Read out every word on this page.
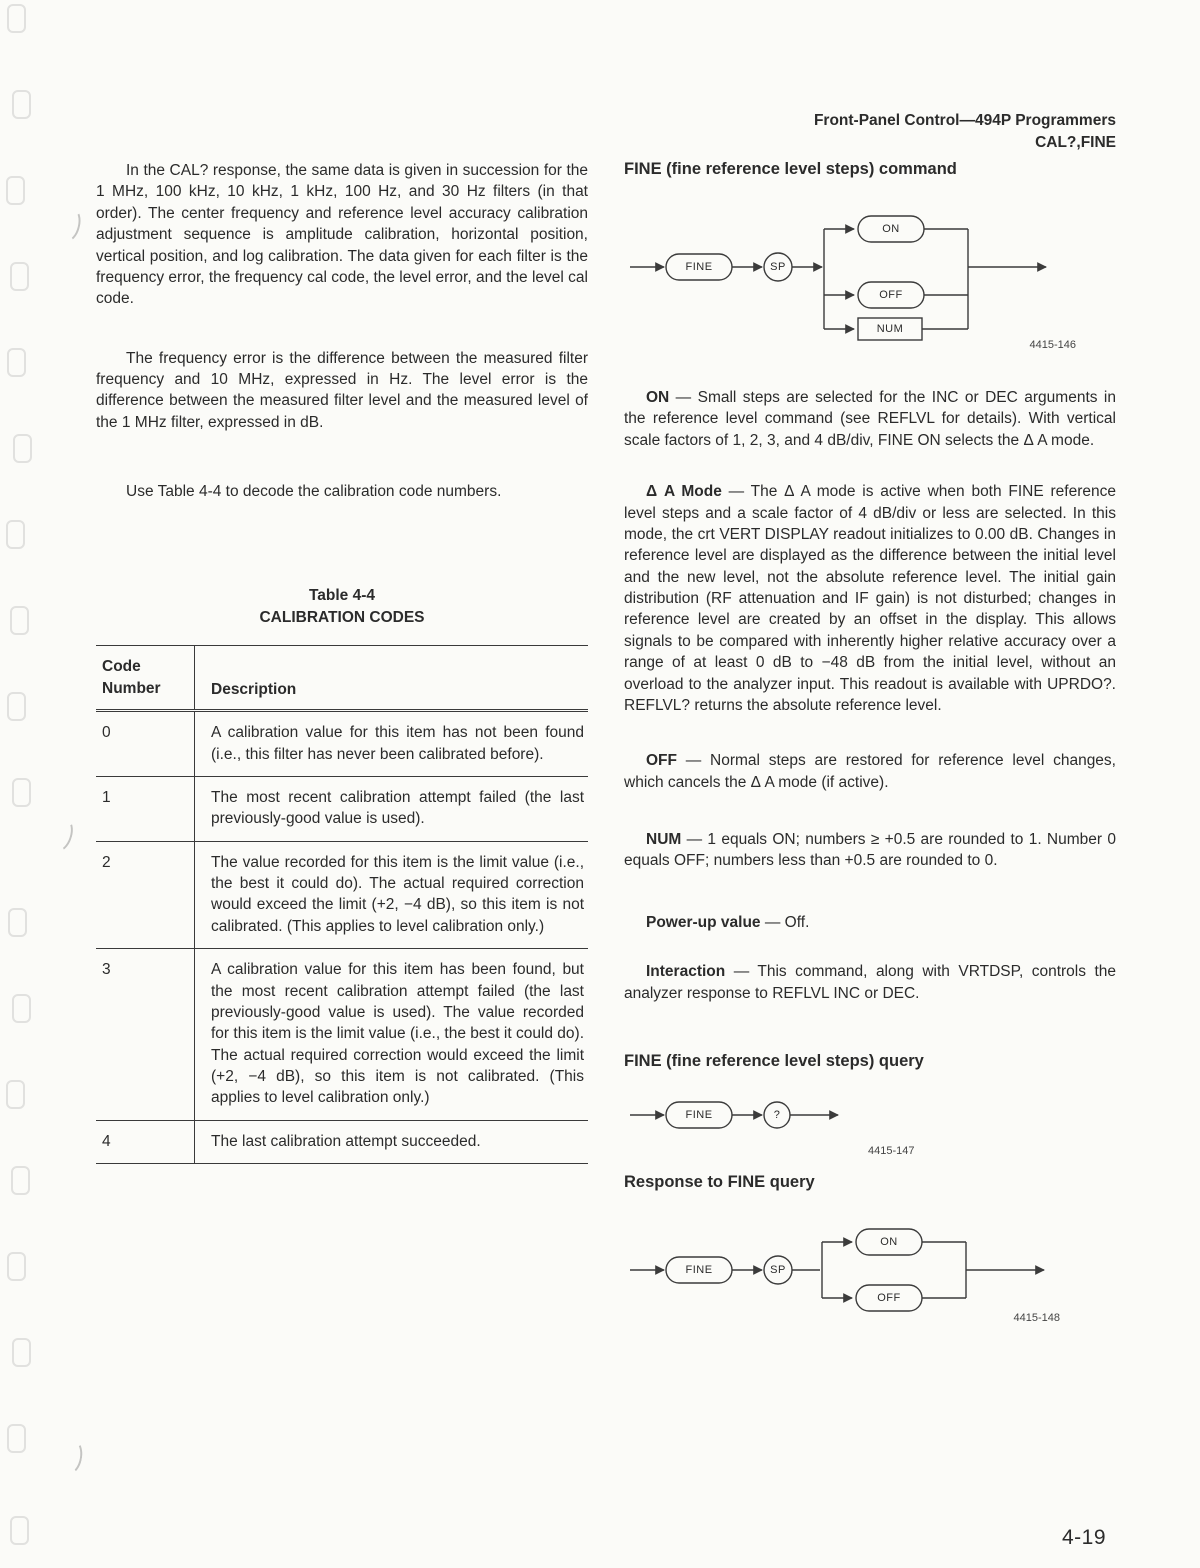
Front-Panel Control—494P Programmers
CAL?,FINE

In the CAL? response, the same data is given in succession for the 1 MHz, 100 kHz, 10 kHz, 1 kHz, 100 Hz, and 30 Hz filters (in that order). The center frequency and reference level accuracy calibration adjustment sequence is amplitude calibration, horizontal position, vertical position, and log calibration. The data given for each filter is the frequency error, the frequency cal code, the level error, and the level cal code.

The frequency error is the difference between the measured filter frequency and 10 MHz, expressed in Hz. The level error is the difference between the measured filter level and the measured level of the 1 MHz filter, expressed in dB.

Use Table 4-4 to decode the calibration code numbers.

Table 4-4
CALIBRATION CODES
Code
Number	Description
0	A calibration value for this item has not been found (i.e., this filter has never been calibrated before).
1	The most recent calibration attempt failed (the last previously-good value is used).
2	The value recorded for this item is the limit value (i.e., the best it could do). The actual required correction would exceed the limit (+2, −4 dB), so this item is not calibrated. (This applies to level calibration only.)
3	A calibration value for this item has been found, but the most recent calibration attempt failed (the last previously-good value is used). The value recorded for this item is the limit value (i.e., the best it could do). The actual required correction would exceed the limit (+2, −4 dB), so this item is not calibrated. (This applies to level calibration only.)
4	The last calibration attempt succeeded.
FINE (fine reference level steps) command
FINE	SP
ON
OFF
NUM
4415-146

ON — Small steps are selected for the INC or DEC arguments in the reference level command (see REFLVL for details). With vertical scale factors of 1, 2, 3, and 4 dB/div, FINE ON selects the Δ A mode.

Δ A Mode — The Δ A mode is active when both FINE reference level steps and a scale factor of 4 dB/div or less are selected. In this mode, the crt VERT DISPLAY readout initializes to 0.00 dB. Changes in reference level are displayed as the difference between the initial level and the new level, not the absolute reference level. The initial gain distribution (RF attenuation and IF gain) is not disturbed; changes in reference level are created by an offset in the display. This allows signals to be compared with inherently higher relative accuracy over a range of at least 0 dB to −48 dB from the initial level, without an overload to the analyzer input. This readout is available with UPRDO?. REFLVL? returns the absolute reference level.

OFF — Normal steps are restored for reference level changes, which cancels the Δ A mode (if active).

NUM — 1 equals ON; numbers ≥ +0.5 are rounded to 1. Number 0 equals OFF; numbers less than +0.5 are rounded to 0.

Power-up value — Off.

Interaction — This command, along with VRTDSP, controls the analyzer response to REFLVL INC or DEC.

FINE (fine reference level steps) query
FINE	?
4415-147
Response to FINE query
FINE	SP
ON
OFF
4415-148
4-19
